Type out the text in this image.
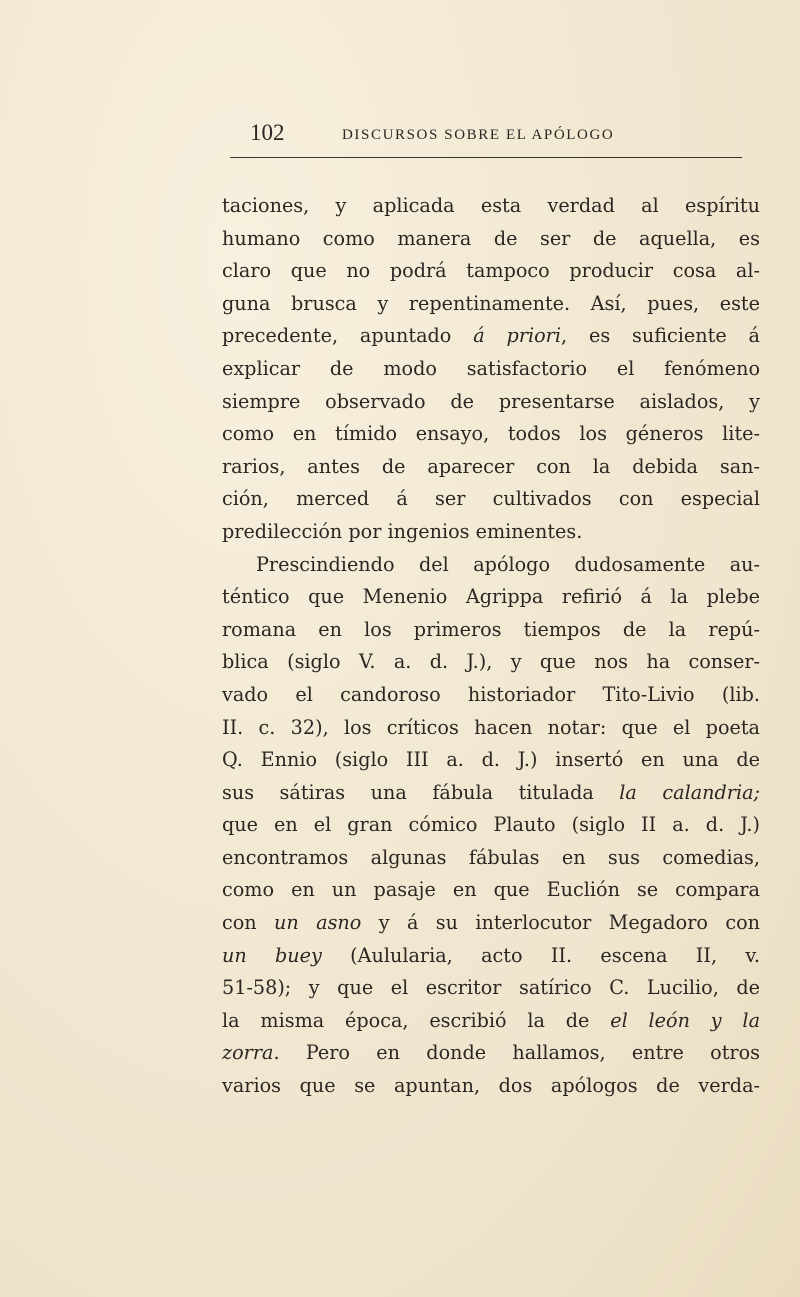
102	DISCURSOS SOBRE EL APÓLOGO
taciones, y aplicada esta verdad al espíritu
humano como manera de ser de aquella, es
claro que no podrá tampoco producir cosa al-
guna brusca y repentinamente. Así, pues, este
precedente, apuntado á priori, es suficiente á
explicar de modo satisfactorio el fenómeno
siempre observado de presentarse aislados, y
como en tímido ensayo, todos los géneros lite-
rarios, antes de aparecer con la debida san-
ción, merced á ser cultivados con especial
predilección por ingenios eminentes.
Prescindiendo del apólogo dudosamente au-
téntico que Menenio Agrippa refirió á la plebe
romana en los primeros tiempos de la repú-
blica (siglo V. a. d. J.), y que nos ha conser-
vado el candoroso historiador Tito-Livio (lib.
II. c. 32), los críticos hacen notar: que el poeta
Q. Ennio (siglo III a. d. J.) insertó en una de
sus sátiras una fábula titulada la calandria;
que en el gran cómico Plauto (siglo II a. d. J.)
encontramos algunas fábulas en sus comedias,
como en un pasaje en que Euclión se compara
con un asno y á su interlocutor Megadoro con
un buey (Aulularia, acto II. escena II, v.
51-58); y que el escritor satírico C. Lucilio, de
la misma época, escribió la de el león y la
zorra. Pero en donde hallamos, entre otros
varios que se apuntan, dos apólogos de verda-
